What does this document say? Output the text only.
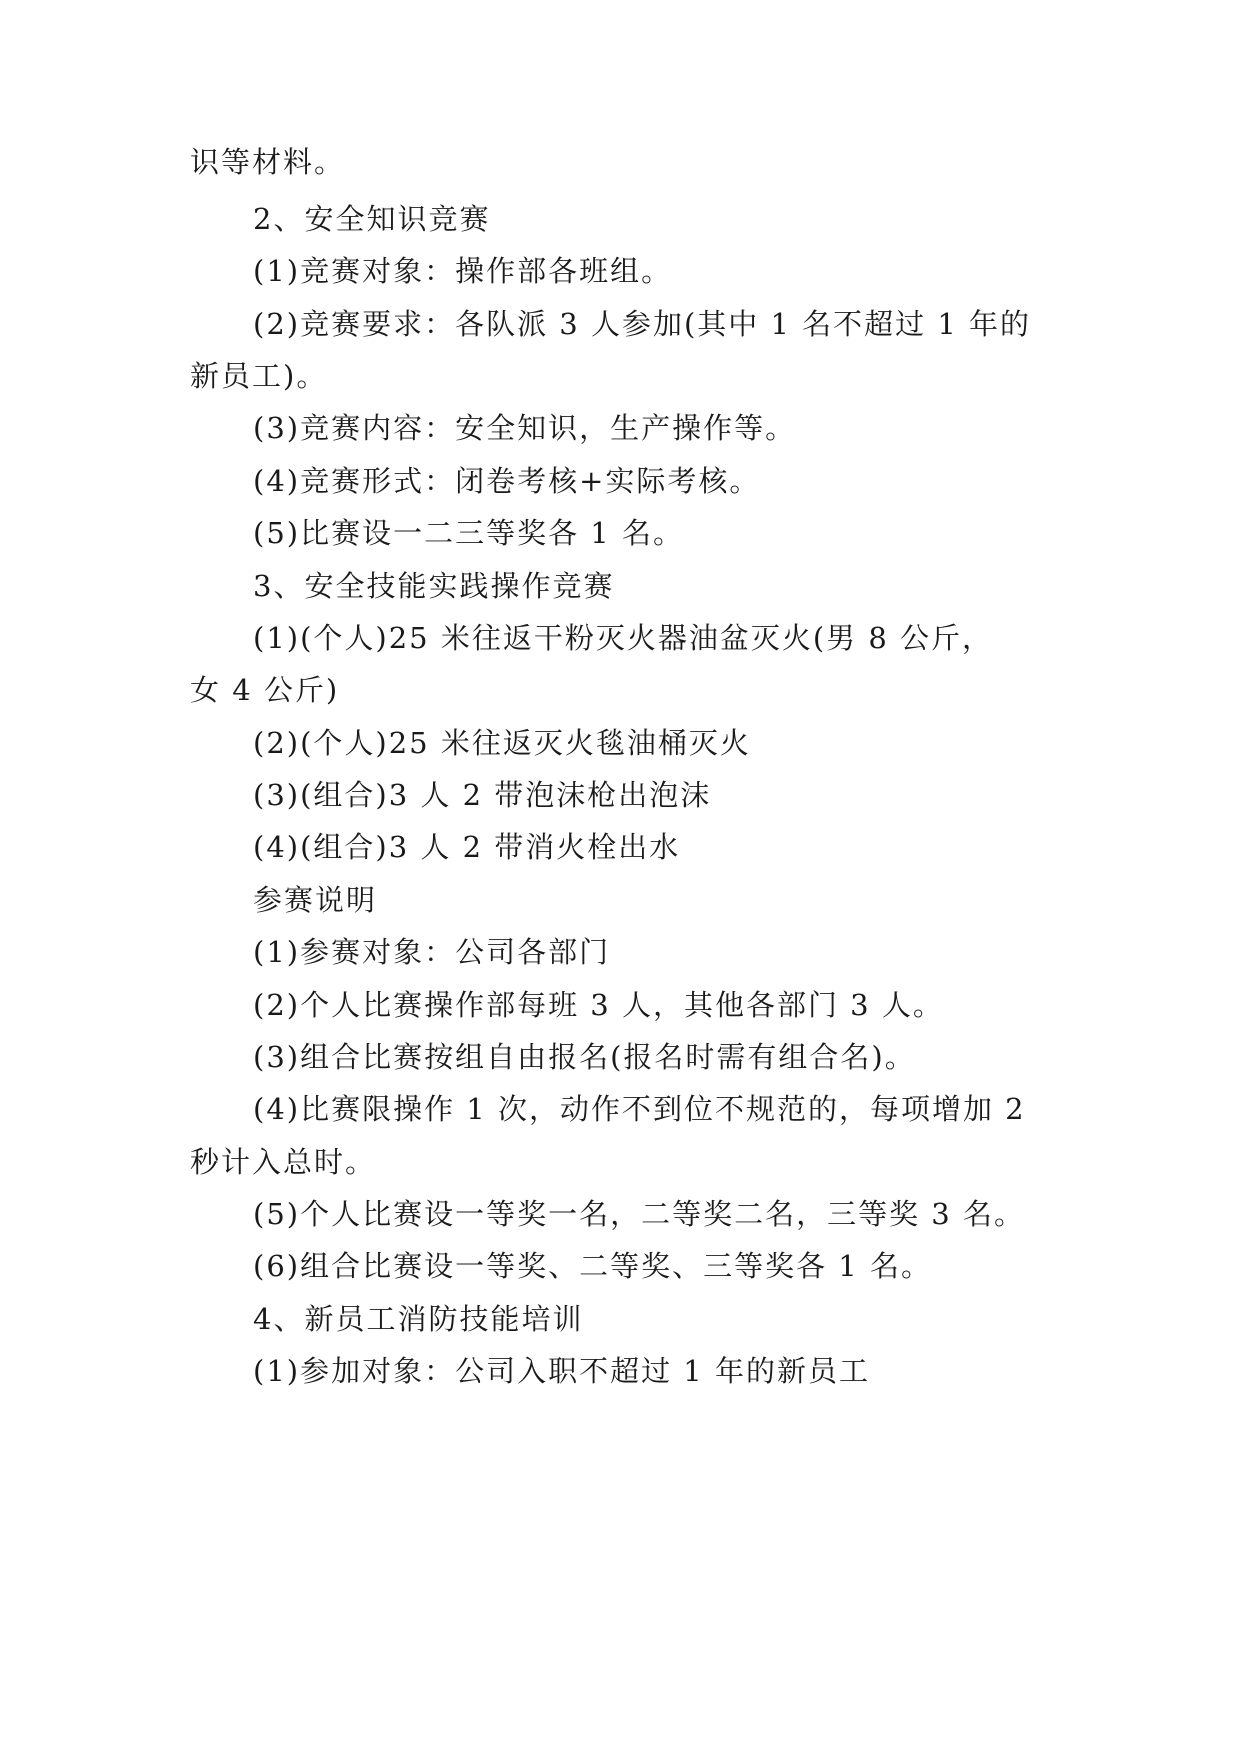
识等材料。
2、安全知识竞赛
(1)竞赛对象：操作部各班组。
(2)竞赛要求：各队派 3 人参加(其中 1 名不超过 1 年的
新员工)。
(3)竞赛内容：安全知识，生产操作等。
(4)竞赛形式：闭卷考核+实际考核。
(5)比赛设一二三等奖各 1 名。
3、安全技能实践操作竞赛
(1)(个人)25 米往返干粉灭火器油盆灭火(男 8 公斤，
女 4 公斤)
(2)(个人)25 米往返灭火毯油桶灭火
(3)(组合)3 人 2 带泡沫枪出泡沫
(4)(组合)3 人 2 带消火栓出水
参赛说明
(1)参赛对象：公司各部门
(2)个人比赛操作部每班 3 人，其他各部门 3 人。
(3)组合比赛按组自由报名(报名时需有组合名)。
(4)比赛限操作 1 次，动作不到位不规范的，每项增加 2
秒计入总时。
(5)个人比赛设一等奖一名，二等奖二名，三等奖 3 名。
(6)组合比赛设一等奖、二等奖、三等奖各 1 名。
4、新员工消防技能培训
(1)参加对象：公司入职不超过 1 年的新员工
